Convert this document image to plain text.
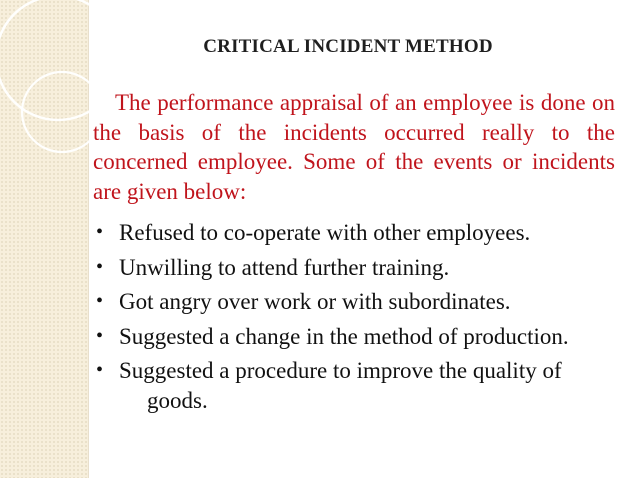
CRITICAL INCIDENT METHOD

The performance appraisal of an employee is done on the basis of the incidents occurred really to the concerned employee. Some of the events or incidents are given below:

• Refused to co-operate with other employees.
• Unwilling to attend further training.
• Got angry over work or with subordinates.
• Suggested a change in the method of production.
• Suggested a procedure to improve the quality of
goods.
